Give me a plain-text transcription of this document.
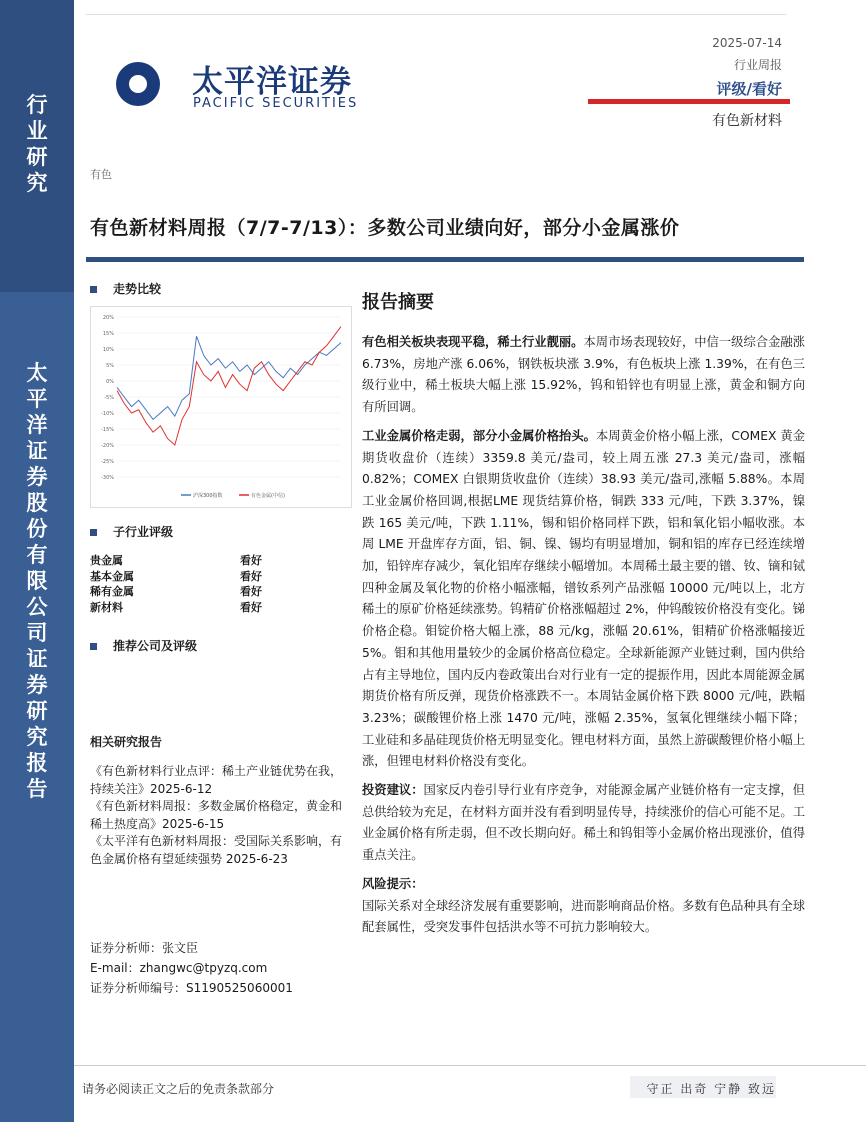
行
业
研
究
太
平
洋
证
券
股
份
有
限
公
司
证
券
研
究
报
告
太平洋证券
PACIFIC SECURITIES
2025-07-14
行业周报
评级/看好
有色新材料
有色
有色新材料周报（7/7-7/13）：多数公司业绩向好，部分小金属涨价
走势比较
20%
15%
10%
5%
0%
-5%
-10%
-15%
-20%
-25%
-30%
沪深300指数	有色金属(中信)
子行业评级
贵金属	看好
基本金属	看好
稀有金属	看好
新材料	看好
推荐公司及评级
相关研究报告

《有色新材料行业点评：稀土产业链优势在我，持续关注》2025-6-12

《有色新材料周报：多数金属价格稳定，黄金和稀土热度高》2025-6-15

《太平洋有色新材料周报：受国际关系影响，有色金属价格有望延续强势 2025-6-23

证券分析师：张文臣

E-mail：zhangwc@tpyzq.com

证券分析师编号：S1190525060001

报告摘要

有色相关板块表现平稳，稀土行业靓丽。本周市场表现较好，中信一级综合金融涨 6.73%，房地产涨 6.06%，钢铁板块涨 3.9%，有色板块上涨 1.39%，在有色三级行业中，稀土板块大幅上涨 15.92%，钨和铅锌也有明显上涨，黄金和铜方向有所回调。

工业金属价格走弱，部分小金属价格抬头。本周黄金价格小幅上涨，COMEX 黄金期货收盘价（连续）3359.8 美元/盎司，较上周五涨 27.3 美元/盎司，涨幅 0.82%；COMEX 白银期货收盘价（连续）38.93 美元/盎司,涨幅 5.88%。本周工业金属价格回调,根据LME 现货结算价格，铜跌 333 元/吨，下跌 3.37%，镍跌 165 美元/吨，下跌 1.11%，锡和铝价格同样下跌，铝和氧化铝小幅收涨。本周 LME 开盘库存方面，铝、铜、镍、锡均有明显增加，铜和铝的库存已经连续增加，铅锌库存减少，氧化铝库存继续小幅增加。本周稀土最主要的镨、钕、镝和铽四种金属及氧化物的价格小幅涨幅，镨钕系列产品涨幅 10000 元/吨以上，北方稀土的原矿价格延续涨势。钨精矿价格涨幅超过 2%，仲钨酸铵价格没有变化。锑价格企稳。钼锭价格大幅上涨，88 元/kg，涨幅 20.61%，钼精矿价格涨幅接近 5%。钼和其他用量较少的金属价格高位稳定。全球新能源产业链过剩，国内供给占有主导地位，国内反内卷政策出台对行业有一定的提振作用，因此本周能源金属期货价格有所反弹，现货价格涨跌不一。本周钴金属价格下跌 8000 元/吨，跌幅 3.23%；碳酸锂价格上涨 1470 元/吨，涨幅 2.35%，氢氧化锂继续小幅下降；工业硅和多晶硅现货价格无明显变化。锂电材料方面，虽然上游碳酸锂价格小幅上涨，但锂电材料价格没有变化。

投资建议：国家反内卷引导行业有序竞争，对能源金属产业链价格有一定支撑，但总供给较为充足，在材料方面并没有看到明显传导，持续涨价的信心可能不足。工业金属价格有所走弱，但不改长期向好。稀土和钨钼等小金属价格出现涨价，值得重点关注。

风险提示：

国际关系对全球经济发展有重要影响，进而影响商品价格。多数有色品种具有全球配套属性，受突发事件包括洪水等不可抗力影响较大。

请务必阅读正文之后的免责条款部分	守正 出奇 宁静 致远
